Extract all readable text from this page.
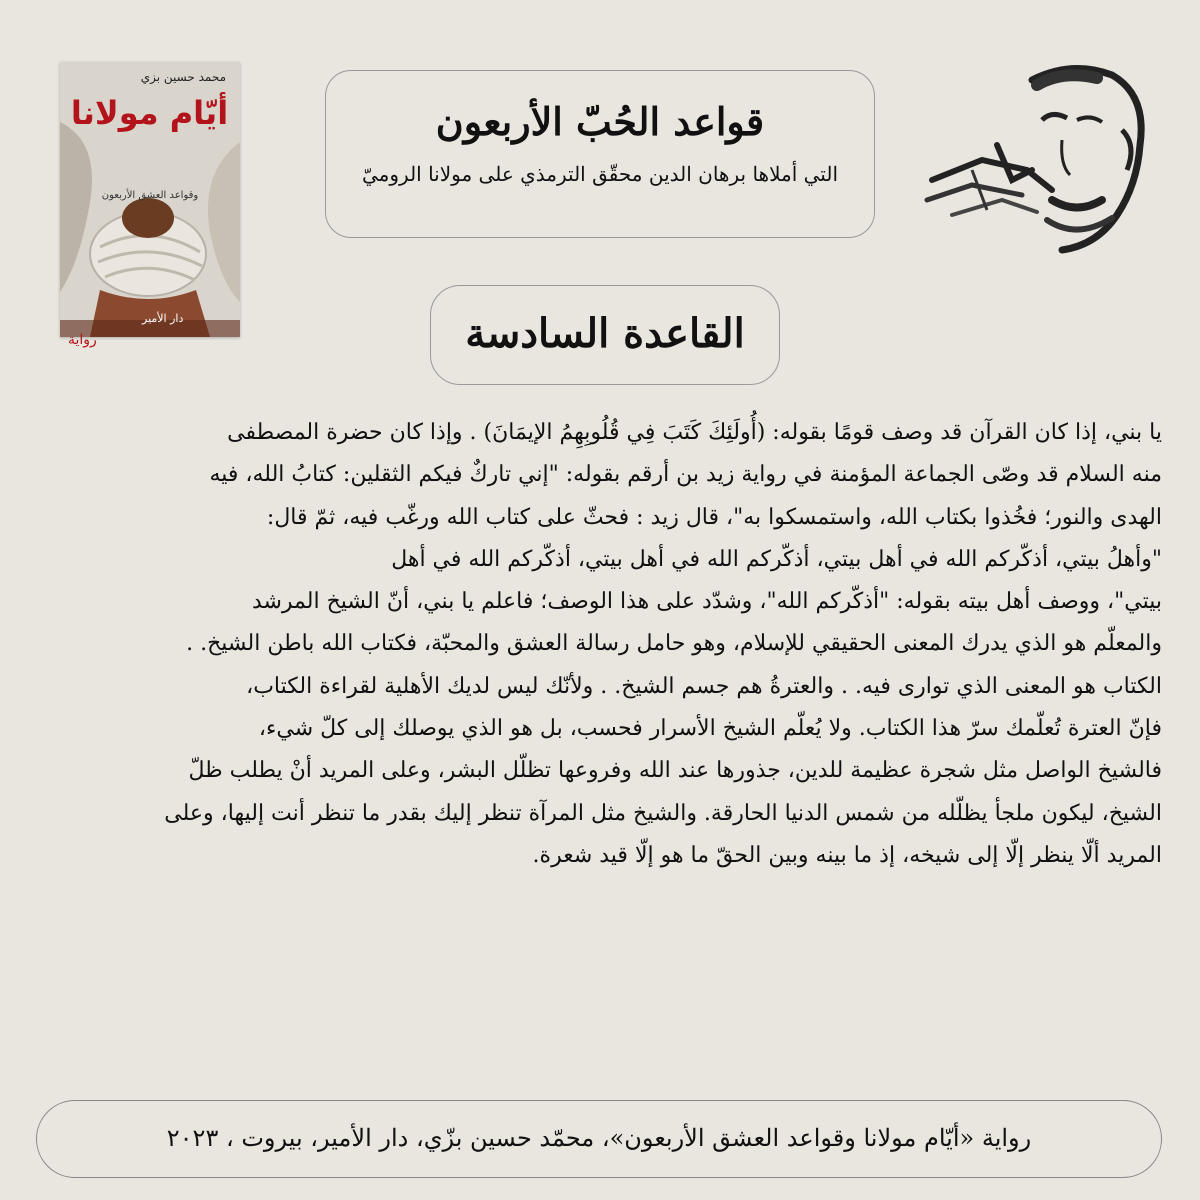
محمد حسين بزي
أيّام مولانا
وقواعد العشق الأربعون
رواية
دار الأمير
قواعد الحُبّ الأربعون
التي أملاها برهان الدين محقّق الترمذي على مولانا الروميّ
القاعدة السادسة
يا بني، إذا كان القرآن قد وصف قومًا بقوله: (أُولَئِكَ كَتَبَ فِي قُلُوبِهِمُ الإيمَانَ) . وإذا كان حضرة المصطفى
منه السلام قد وصّى الجماعة المؤمنة في رواية زيد بن أرقم بقوله: "إني تاركٌ فيكم الثقلين: كتابُ الله، فيه
الهدى والنور؛ فخُذوا بكتاب الله، واستمسكوا به"، قال زيد : فحثّ على كتاب الله ورغّب فيه، ثمّ قال:
"وأهلُ بيتي، أذكّركم الله في أهل بيتي، أذكّركم الله في أهل بيتي، أذكّركم الله في أهل
بيتي"، ووصف أهل بيته بقوله: "أذكّركم الله"، وشدّد على هذا الوصف؛ فاعلم يا بني، أنّ الشيخ المرشد
والمعلّم هو الذي يدرك المعنى الحقيقي للإسلام، وهو حامل رسالة العشق والمحبّة، فكتاب الله باطن الشيخ. .
الكتاب هو المعنى الذي توارى فيه. . والعترةُ هم جسم الشيخ. . ولأنّك ليس لديك الأهلية لقراءة الكتاب،
فإنّ العترة تُعلّمك سرّ هذا الكتاب. ولا يُعلّم الشيخ الأسرار فحسب، بل هو الذي يوصلك إلى كلّ شيء،
فالشيخ الواصل مثل شجرة عظيمة للدين، جذورها عند الله وفروعها تظلّل البشر، وعلى المريد أنْ يطلب ظلّ
الشيخ، ليكون ملجأ يظلّله من شمس الدنيا الحارقة. والشيخ مثل المرآة تنظر إليك بقدر ما تنظر أنت إليها، وعلى
المريد ألّا ينظر إلّا إلى شيخه، إذ ما بينه وبين الحقّ ما هو إلّا قيد شعرة.
رواية «أيّام مولانا وقواعد العشق الأربعون»، محمّد حسين بزّي، دار الأمير، بيروت ، ٢٠٢٣
